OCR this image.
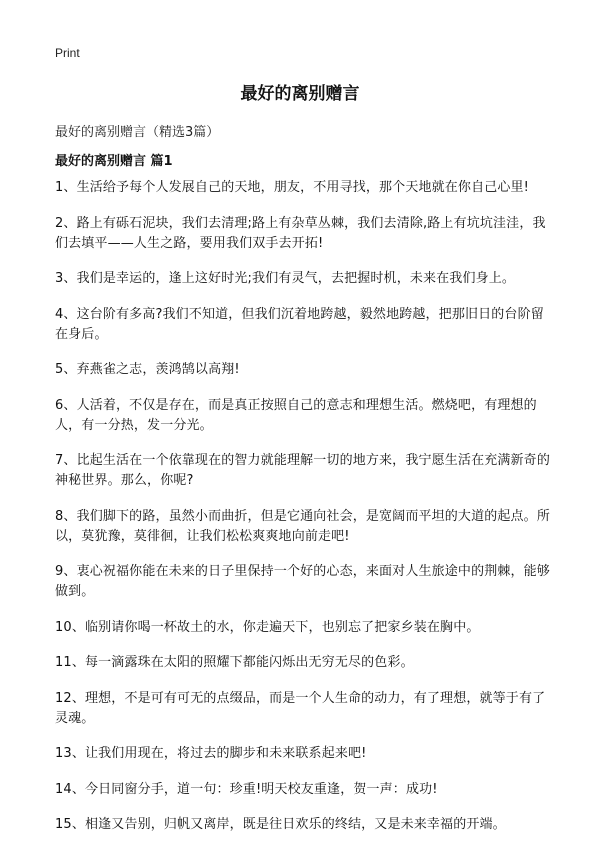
Print
最好的离别赠言

最好的离别赠言（精选3篇）

最好的离别赠言 篇1
1、生活给予每个人发展自己的天地，朋友，不用寻找，那个天地就在你自己心里!
2、路上有砾石泥块，我们去清理;路上有杂草丛棘，我们去清除,路上有坑坑洼洼，我们去填平——人生之路，要用我们双手去开拓!
3、我们是幸运的，逢上这好时光;我们有灵气，去把握时机，未来在我们身上。
4、这台阶有多高?我们不知道，但我们沉着地跨越，毅然地跨越，把那旧日的台阶留在身后。
5、弃燕雀之志，羡鸿鹄以高翔!
6、人活着，不仅是存在，而是真正按照自己的意志和理想生活。燃烧吧，有理想的人，有一分热，发一分光。
7、比起生活在一个依靠现在的智力就能理解一切的地方来，我宁愿生活在充满新奇的神秘世界。那么，你呢?
8、我们脚下的路，虽然小而曲折，但是它通向社会，是宽阔而平坦的大道的起点。所以，莫犹豫，莫徘徊，让我们松松爽爽地向前走吧!
9、衷心祝福你能在未来的日子里保持一个好的心态，来面对人生旅途中的荆棘，能够做到。
10、临别请你喝一杯故土的水，你走遍天下，也别忘了把家乡装在胸中。
11、每一滴露珠在太阳的照耀下都能闪烁出无穷无尽的色彩。
12、理想，不是可有可无的点缀品，而是一个人生命的动力，有了理想，就等于有了灵魂。
13、让我们用现在，将过去的脚步和未来联系起来吧!
14、今日同窗分手，道一句：珍重!明天校友重逢，贺一声：成功!
15、相逢又告别，归帆又离岸，既是往日欢乐的终结，又是未来幸福的开端。
